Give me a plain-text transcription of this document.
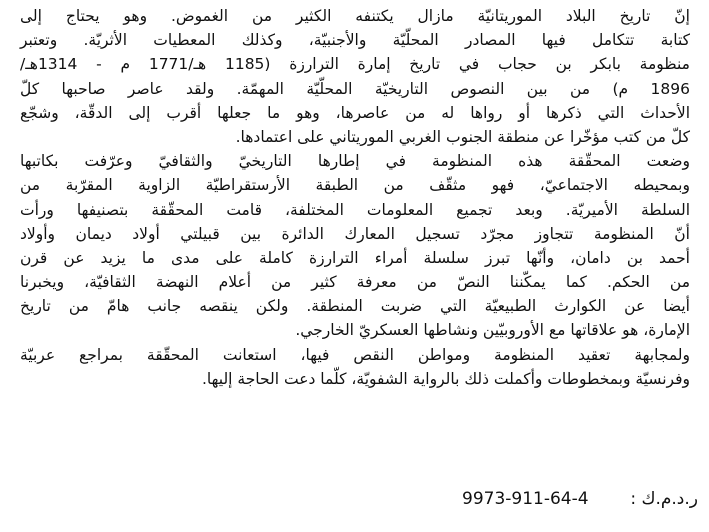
إنّ تاريخ البلاد الموريتانيّة مازال يكتنفه الكثير من الغموض. وهو يحتاج إلى
كتابة تتكامل فيها المصادر المحلّيّة والأجنبيّة، وكذلك المعطيات الأثريّة. وتعتبر
منظومة بابكر بن حجاب في تاريخ إمارة الترارزة (1185 هـ/1771 م - 1314هـ/
1896 م) من بين النصوص التاريخيّة المحلّيّة المهمّة. ولقد عاصر صاحبها كلّ
الأحداث التي ذكرها أو رواها له من عاصرها، وهو ما جعلها أقرب إلى الدقّة، وشجّع
كلّ من كتب مؤخّرا عن منطقة الجنوب الغربي الموريتاني على اعتمادها.
وضعت المحقّقة هذه المنظومة في إطارها التاريخيّ والثقافيّ وعرّفت بكاتبها
وبمحيطه الاجتماعيّ، فهو مثقّف من الطبقة الأرستقراطيّة الزاوية المقرّبة من
السلطة الأميريّة. وبعد تجميع المعلومات المختلفة، قامت المحقّقة بتصنيفها ورأت
أنّ المنظومة تتجاوز مجرّد تسجيل المعارك الدائرة بين قبيلتي أولاد ديمان وأولاد
أحمد بن دامان، وأنّها تبرز سلسلة أمراء الترارزة كاملة على مدى ما يزيد عن قرن
من الحكم. كما يمكّننا النصّ من معرفة كثير من أعلام النهضة الثقافيّة، ويخبرنا
أيضا عن الكوارث الطبيعيّة التي ضربت المنطقة. ولكن ينقصه جانب هامّ من تاريخ
الإمارة، هو علاقاتها مع الأوروبيّين ونشاطها العسكريّ الخارجي.
ولمجابهة تعقيد المنظومة ومواطن النقص فيها، استعانت المحقّقة بمراجع عربيّة
وفرنسيّة وبمخطوطات وأكملت ذلك بالرواية الشفويّة، كلّما دعت الحاجة إليها.
9973-911-64-4 ر.د.م.ك :
